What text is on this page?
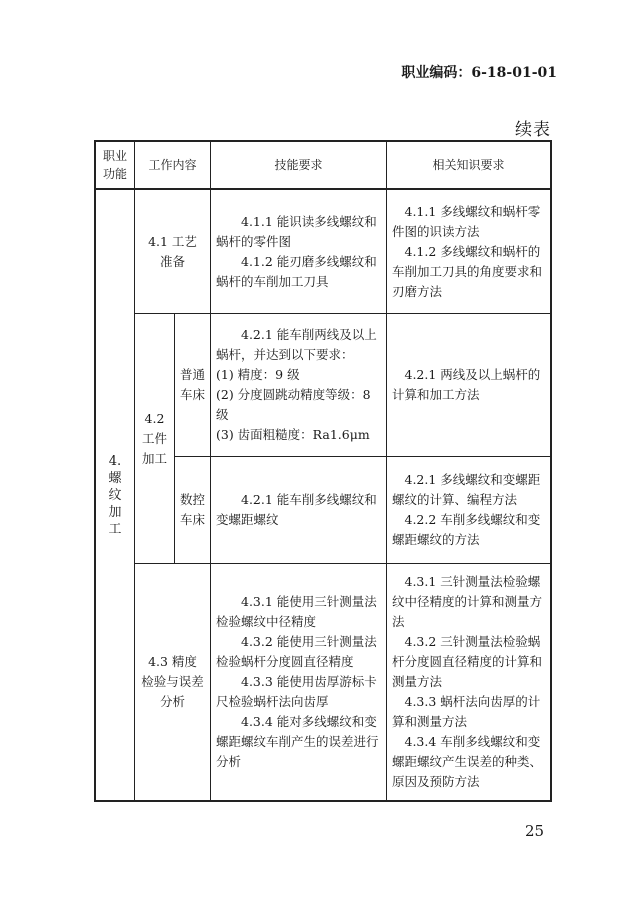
职业编码：6-18-01-01
续表
职业
功能
工作内容	技能要求	相关知识要求
4.
螺
纹
加
工
4.1 工艺
准备

4.1.1 能识读多线螺纹和蜗杆的零件图

4.1.2 能刃磨多线螺纹和蜗杆的车削加工刀具

4.1.1 多线螺纹和蜗杆零件图的识读方法

4.1.2 多线螺纹和蜗杆的车削加工刀具的角度要求和刃磨方法

4.2
工件
加工
普通
车床

4.2.1 能车削两线及以上蜗杆，并达到以下要求：

(1) 精度：9 级

(2) 分度圆跳动精度等级：8 级

(3) 齿面粗糙度：Ra1.6μm

4.2.1 两线及以上蜗杆的计算和加工方法

数控
车床

4.2.1 能车削多线螺纹和变螺距螺纹

4.2.1 多线螺纹和变螺距螺纹的计算、编程方法

4.2.2 车削多线螺纹和变螺距螺纹的方法

4.3 精度
检验与误差
分析

4.3.1 能使用三针测量法检验螺纹中径精度

4.3.2 能使用三针测量法检验蜗杆分度圆直径精度

4.3.3 能使用齿厚游标卡尺检验蜗杆法向齿厚

4.3.4 能对多线螺纹和变螺距螺纹车削产生的误差进行分析

4.3.1 三针测量法检验螺纹中径精度的计算和测量方法

4.3.2 三针测量法检验蜗杆分度圆直径精度的计算和测量方法

4.3.3 蜗杆法向齿厚的计算和测量方法

4.3.4 车削多线螺纹和变螺距螺纹产生误差的种类、原因及预防方法

25
